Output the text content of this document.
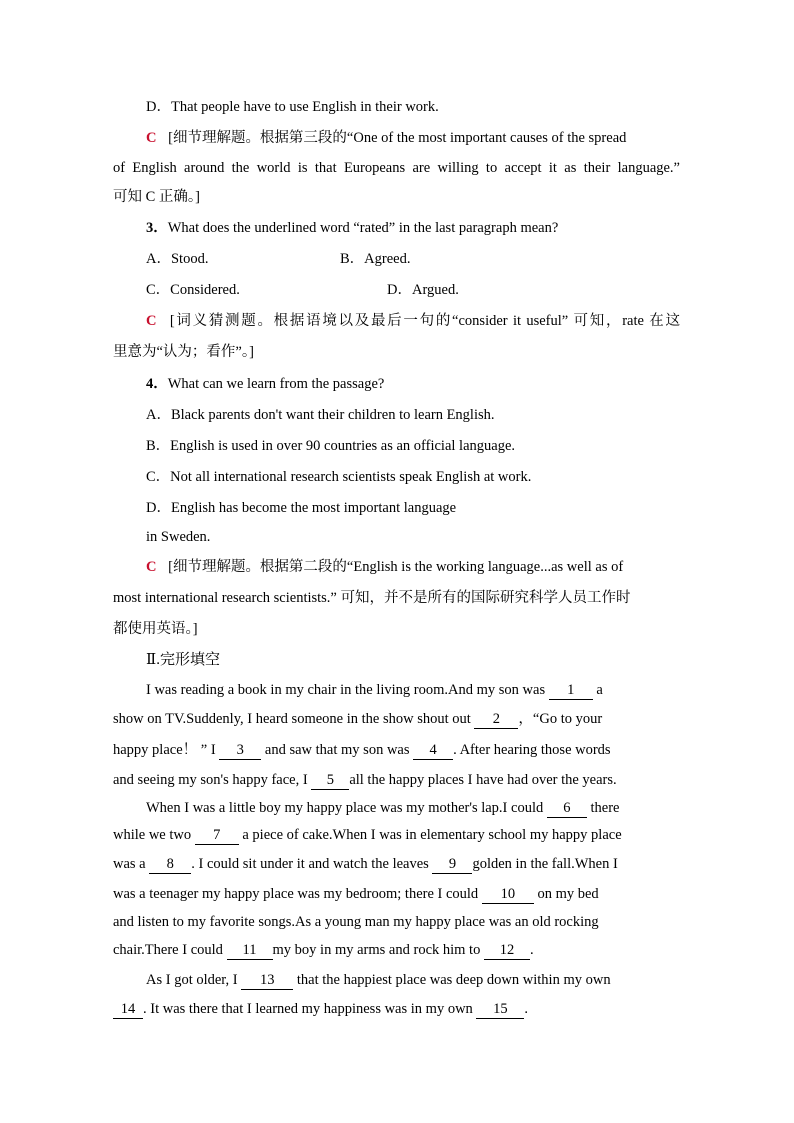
D．That people have to use English in their work.
C [细节理解题。根据第三段的“One of the most important causes of the spread
of English around the world is that Europeans are willing to accept it as their language.”
可知 C 正确。]
3．What does the underlined word “rated” in the last paragraph mean?
A．Stood.	B．Agreed.
C．Considered.	D．Argued.
C [词义猜测题。根据语境以及最后一句的“consider it useful” 可知，rate 在这
里意为“认为；看作”。]
4．What can we learn from the passage?
A．Black parents don't want their children to learn English.
B．English is used in over 90 countries as an official language.
C．Not all international research scientists speak English at work.
D．English has become the most important language
in Sweden.
C [细节理解题。根据第二段的“English is the working language...as well as of
most international research scientists.” 可知，并不是所有的国际研究科学人员工作时
都使用英语。]
Ⅱ.完形填空
I was reading a book in my chair in the living room.And my son was 1 a
show on TV.Suddenly, I heard someone in the show shout out 2 ，“Go to your
happy place！ ” I 3 and saw that my son was 4 . After hearing those words
and seeing my son's happy face, I 5 all the happy places I have had over the years.
When I was a little boy my happy place was my mother's lap.I could 6 there
while we two 7 a piece of cake.When I was in elementary school my happy place
was a 8 . I could sit under it and watch the leaves 9 golden in the fall.When I
was a teenager my happy place was my bedroom; there I could 10 on my bed
and listen to my favorite songs.As a young man my happy place was an old rocking
chair.There I could 11 my boy in my arms and rock him to 12 .
As I got older, I 13 that the happiest place was deep down within my own
14 . It was there that I learned my happiness was in my own 15 .
